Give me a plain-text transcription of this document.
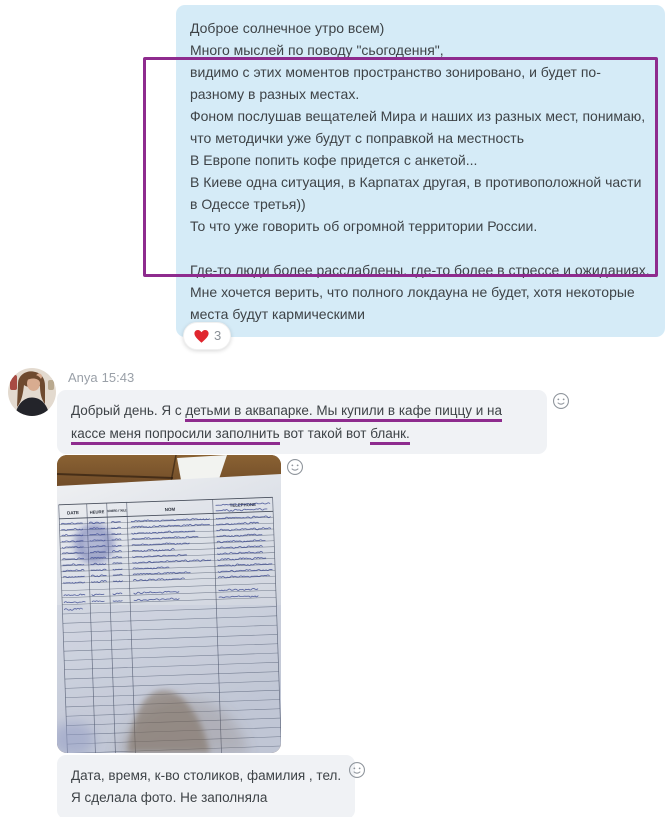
Доброе солнечное утро всем)
Много мыслей по поводу "сьогодення",
видимо с этих моментов пространство зонировано, и будет по-разному в разных местах.
Фоном послушав вещателей Мира и наших из разных мест, понимаю, что методички уже будут с поправкой на местность
В Европе попить кофе придется с анкетой...
В Киеве одна ситуация, в Карпатах другая, в противоположной части в Одессе третья))
То что уже говорить об огромной территории России.

Где-то люди более расслаблены, где-то более в стрессе и ожиданиях.
Мне хочется верить, что полного локдауна не будет, хотя некоторые места будут кармическими
3
Anya 15:43
Добрый день. Я с детьми в аквапарке. Мы купили в кафе пиццу и на кассе меня попросили заполнить вот такой вот бланк.
DATE	HEURE NOMBRE A TABLE	NOM
TELEPHONE
Дата, время, к-во столиков, фамилия , тел.
Я сделала фото. Не заполняла
